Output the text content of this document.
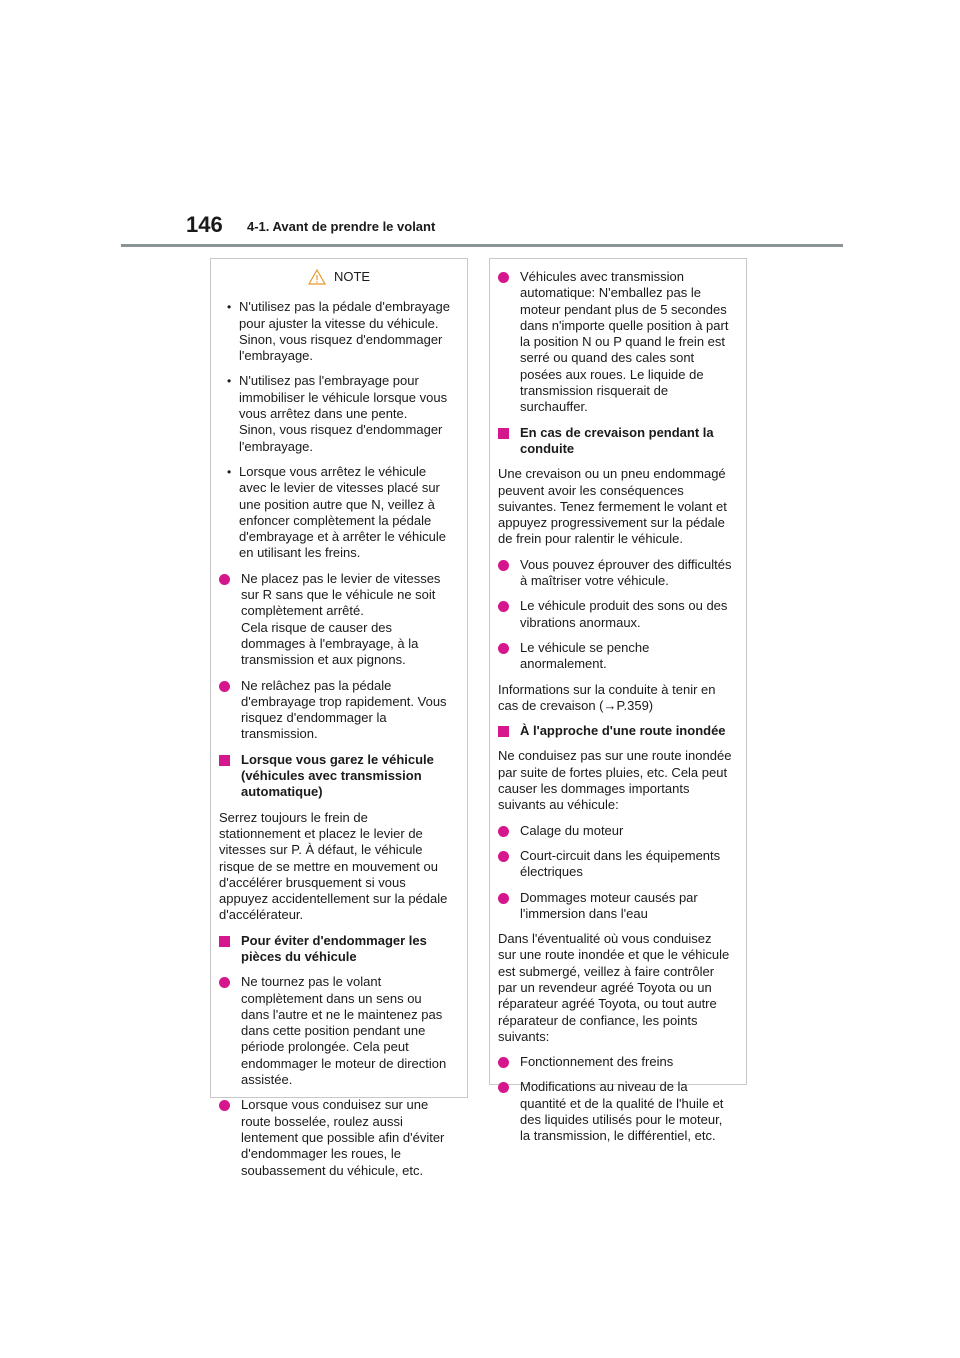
146 4-1. Avant de prendre le volant
NOTE
• N'utilisez pas la pédale d'embrayage pour ajuster la vitesse du véhicule.

Sinon, vous risquez d'endommager l'embrayage.

• N'utilisez pas l'embrayage pour immobiliser le véhicule lorsque vous vous arrêtez dans une pente.

Sinon, vous risquez d'endommager l'embrayage.

• Lorsque vous arrêtez le véhicule avec le levier de vitesses placé sur une position autre que N, veillez à enfoncer complètement la pédale d'embrayage et à arrêter le véhicule en utilisant les freins.

Ne placez pas le levier de vitesses sur R sans que le véhicule ne soit complètement arrêté.

Cela risque de causer des dommages à l'embrayage, à la transmission et aux pignons.

Ne relâchez pas la pédale d'embrayage trop rapidement. Vous risquez d'endommager la transmission.

Lorsque vous garez le véhicule (véhicules avec transmission automatique)

Serrez toujours le frein de stationnement et placez le levier de vitesses sur P. À défaut, le véhicule risque de se mettre en mouvement ou d'accélérer brusquement si vous appuyez accidentellement sur la pédale d'accélérateur.

Pour éviter d'endommager les pièces du véhicule

Ne tournez pas le volant complètement dans un sens ou dans l'autre et ne le maintenez pas dans cette position pendant une période prolongée. Cela peut endommager le moteur de direction assistée.

Lorsque vous conduisez sur une route bosselée, roulez aussi lentement que possible afin d'éviter d'endommager les roues, le soubassement du véhicule, etc.

Véhicules avec transmission automatique: N'emballez pas le moteur pendant plus de 5 secondes dans n'importe quelle position à part la position N ou P quand le frein est serré ou quand des cales sont posées aux roues. Le liquide de transmission risquerait de surchauffer.

En cas de crevaison pendant la conduite

Une crevaison ou un pneu endommagé peuvent avoir les conséquences suivantes. Tenez fermement le volant et appuyez progressivement sur la pédale de frein pour ralentir le véhicule.

Vous pouvez éprouver des difficultés à maîtriser votre véhicule.

Le véhicule produit des sons ou des vibrations anormaux.

Le véhicule se penche anormalement.

Informations sur la conduite à tenir en cas de crevaison (→P.359)

À l'approche d'une route inondée

Ne conduisez pas sur une route inondée par suite de fortes pluies, etc. Cela peut causer les dommages importants suivants au véhicule:

Calage du moteur

Court-circuit dans les équipements électriques

Dommages moteur causés par l'immersion dans l'eau

Dans l'éventualité où vous conduisez sur une route inondée et que le véhicule est submergé, veillez à faire contrôler par un revendeur agréé Toyota ou un réparateur agréé Toyota, ou tout autre réparateur de confiance, les points suivants:

Fonctionnement des freins

Modifications au niveau de la quantité et de la qualité de l'huile et des liquides utilisés pour le moteur, la transmission, le différentiel, etc.
